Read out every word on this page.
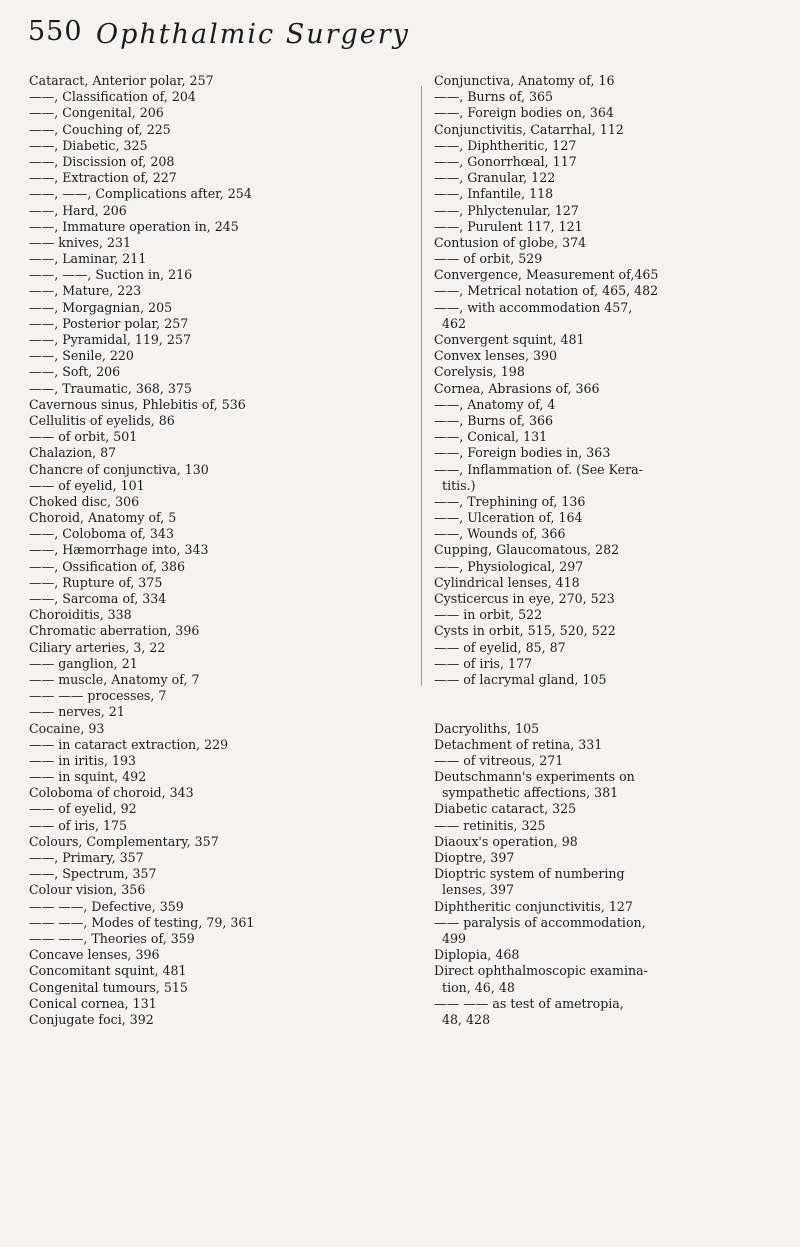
550 Ophthalmic Surgery
Cataract, Anterior polar, 257
——, Classification of, 204
——, Congenital, 206
——, Couching of, 225
——, Diabetic, 325
——, Discission of, 208
——, Extraction of, 227
——, ——, Complications after, 254
——, Hard, 206
——, Immature operation in, 245
—— knives, 231
——, Laminar, 211
——, ——, Suction in, 216
——, Mature, 223
——, Morgagnian, 205
——, Posterior polar, 257
——, Pyramidal, 119, 257
——, Senile, 220
——, Soft, 206
——, Traumatic, 368, 375
Cavernous sinus, Phlebitis of, 536
Cellulitis of eyelids, 86
—— of orbit, 501
Chalazion, 87
Chancre of conjunctiva, 130
—— of eyelid, 101
Choked disc, 306
Choroid, Anatomy of, 5
——, Coloboma of, 343
——, Hæmorrhage into, 343
——, Ossification of, 386
——, Rupture of, 375
——, Sarcoma of, 334
Choroiditis, 338
Chromatic aberration, 396
Ciliary arteries, 3, 22
—— ganglion, 21
—— muscle, Anatomy of, 7
—— —— processes, 7
—— nerves, 21
Cocaine, 93
—— in cataract extraction, 229
—— in iritis, 193
—— in squint, 492
Coloboma of choroid, 343
—— of eyelid, 92
—— of iris, 175
Colours, Complementary, 357
——, Primary, 357
——, Spectrum, 357
Colour vision, 356
—— ——, Defective, 359
—— ——, Modes of testing, 79, 361
—— ——, Theories of, 359
Concave lenses, 396
Concomitant squint, 481
Congenital tumours, 515
Conical cornea, 131
Conjugate foci, 392
Conjunctiva, Anatomy of, 16
——, Burns of, 365
——, Foreign bodies on, 364
Conjunctivitis, Catarrhal, 112
——, Diphtheritic, 127
——, Gonorrhœal, 117
——, Granular, 122
——, Infantile, 118
——, Phlyctenular, 127
——, Purulent 117, 121
Contusion of globe, 374
—— of orbit, 529
Convergence, Measurement of,465
——, Metrical notation of, 465, 482
——, with accommodation 457,
462
Convergent squint, 481
Convex lenses, 390
Corelysis, 198
Cornea, Abrasions of, 366
——, Anatomy of, 4
——, Burns of, 366
——, Conical, 131
——, Foreign bodies in, 363
——, Inflammation of. (See Kera-
titis.)
——, Trephining of, 136
——, Ulceration of, 164
——, Wounds of, 366
Cupping, Glaucomatous, 282
——, Physiological, 297
Cylindrical lenses, 418
Cysticercus in eye, 270, 523
—— in orbit, 522
Cysts in orbit, 515, 520, 522
—— of eyelid, 85, 87
—— of iris, 177
—— of lacrymal gland, 105
Dacryoliths, 105
Detachment of retina, 331
—— of vitreous, 271
Deutschmann's experiments on
sympathetic affections, 381
Diabetic cataract, 325
—— retinitis, 325
Diaoux's operation, 98
Dioptre, 397
Dioptric system of numbering
lenses, 397
Diphtheritic conjunctivitis, 127
—— paralysis of accommodation,
499
Diplopia, 468
Direct ophthalmoscopic examina-
tion, 46, 48
—— —— as test of ametropia,
48, 428
